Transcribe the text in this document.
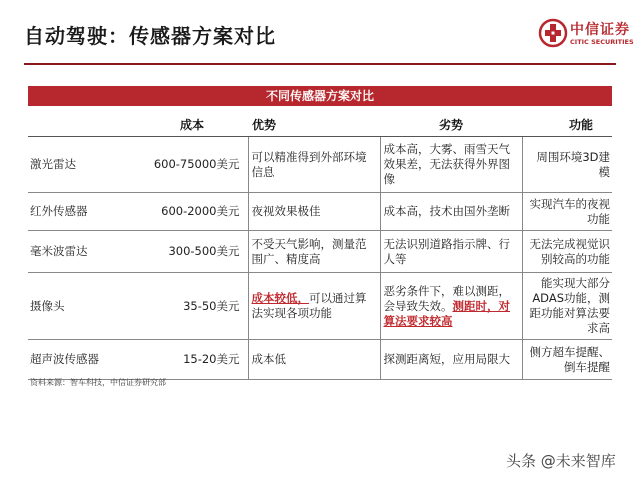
自动驾驶：传感器方案对比	中信证券
CITIC SECURITIES
不同传感器方案对比
	成本	优势	劣势	功能
激光雷达	600-75000美元	可以精准得到外部环境信息	成本高，大雾、雨雪天气效果差，无法获得外界图像	周围环境3D建模
红外传感器	600-2000美元	夜视效果极佳	成本高，技术由国外垄断	实现汽车的夜视功能
毫米波雷达	300-500美元	不受天气影响，测量范围广、精度高	无法识别道路指示牌、行人等	无法完成视觉识别较高的功能
摄像头	35-50美元	成本较低，可以通过算法实现各项功能	恶劣条件下，难以测距，会导致失效。测距时，对算法要求较高	能实现大部分ADAS功能，测距功能对算法要求高
超声波传感器	15-20美元	成本低	探测距离短，应用局限大	侧方超车提醒、倒车提醒
资料来源：智车科技，中信证券研究部
头条 @未来智库
